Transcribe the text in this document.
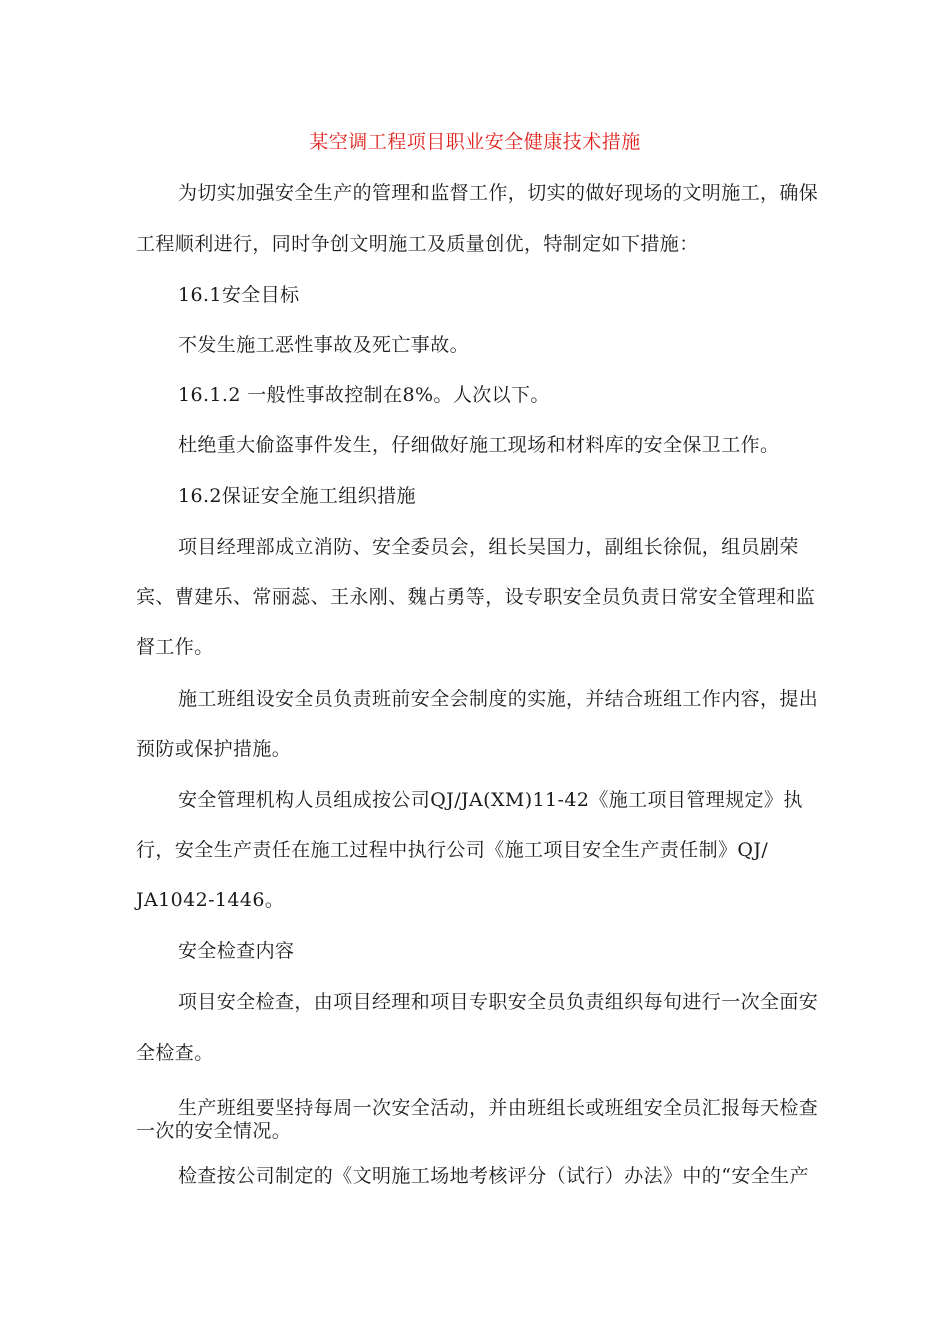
某空调工程项目职业安全健康技术措施
为切实加强安全生产的管理和监督工作，切实的做好现场的文明施工，确保
工程顺利进行，同时争创文明施工及质量创优，特制定如下措施：
16.1安全目标
不发生施工恶性事故及死亡事故。
16.1.2 一般性事故控制在8%。人次以下。
杜绝重大偷盗事件发生，仔细做好施工现场和材料库的安全保卫工作。
16.2保证安全施工组织措施
项目经理部成立消防、安全委员会，组长吴国力，副组长徐侃，组员剧荣
宾、曹建乐、常丽蕊、王永刚、魏占勇等，设专职安全员负责日常安全管理和监
督工作。
施工班组设安全员负责班前安全会制度的实施，并结合班组工作内容，提出
预防或保护措施。
安全管理机构人员组成按公司QJ/JA(XM)11-42《施工项目管理规定》执
行，安全生产责任在施工过程中执行公司《施工项目安全生产责任制》QJ/
JA1042-1446。
安全检查内容
项目安全检查，由项目经理和项目专职安全员负责组织每旬进行一次全面安
全检查。
生产班组要坚持每周一次安全活动，并由班组长或班组安全员汇报每天检查
一次的安全情况。
检查按公司制定的《文明施工场地考核评分（试行）办法》中的“安全生产
